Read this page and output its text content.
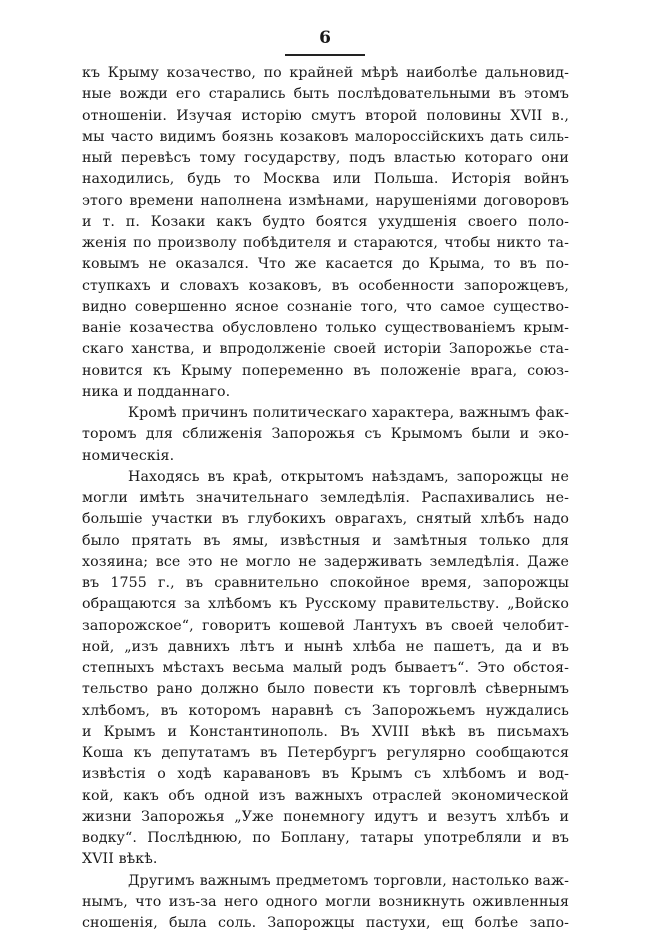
6
къ Крыму козачество, по крайней мѣрѣ наиболѣе дальновид-
ные вожди его старались быть послѣдовательными въ этомъ
отношеніи. Изучая исторію смутъ второй половины XVII в.,
мы часто видимъ боязнь козаковъ малороссійскихъ дать силь-
ный перевѣсъ тому государству, подъ властью котораго они
находились, будь то Москва или Польша. Исторія войнъ
этого времени наполнена измѣнами, нарушеніями договоровъ
и т. п. Козаки какъ будто боятся ухудшенія своего поло-
женія по произволу побѣдителя и стараются, чтобы никто та-
ковымъ не оказался. Что же касается до Крыма, то въ по-
ступкахъ и словахъ козаковъ, въ особенности запорожцевъ,
видно совершенно ясное сознаніе того, что самое существо-
ваніе козачества обусловлено только существованіемъ крым-
скаго ханства, и впродолженіе своей исторіи Запорожье ста-
новится къ Крыму попеременно въ положеніе врага, союз-
ника и подданнаго.
Кромѣ причинъ политическаго характера, важнымъ фак-
торомъ для сближенія Запорожья съ Крымомъ были и эко-
номическія.
Находясь въ краѣ, открытомъ наѣздамъ, запорожцы не
могли имѣть значительнаго земледѣлія. Распахивались не-
большіе участки въ глубокихъ оврагахъ, снятый хлѣбъ надо
было прятать въ ямы, извѣстныя и замѣтныя только для
хозяина; все это не могло не задерживать земледѣлія. Даже
въ 1755 г., въ сравнительно спокойное время, запорожцы
обращаются за хлѣбомъ къ Русскому правительству. „Войско
запорожское“, говоритъ кошевой Лантухъ въ своей челобит-
ной, „изъ давнихъ лѣтъ и нынѣ хлѣба не пашетъ, да и въ
степныхъ мѣстахъ весьма малый родъ бываетъ“. Это обстоя-
тельство рано должно было повести къ торговлѣ сѣвернымъ
хлѣбомъ, въ которомъ наравнѣ съ Запорожьемъ нуждались
и Крымъ и Константинополь. Въ XVIII вѣкѣ въ письмахъ
Коша къ депутатамъ въ Петербургъ регулярно сообщаются
извѣстія о ходѣ каравановъ въ Крымъ съ хлѣбомъ и вод-
кой, какъ объ одной изъ важныхъ отраслей экономической
жизни Запорожья „Уже понемногу идутъ и везутъ хлѣбъ и
водку“. Послѣднюю, по Боплану, татары употребляли и въ
XVII вѣкѣ.
Другимъ важнымъ предметомъ торговли, настолько важ-
нымъ, что изъ-за него одного могли возникнуть оживленныя
сношенія, была соль. Запорожцы пастухи, ещ болѣе запо-
